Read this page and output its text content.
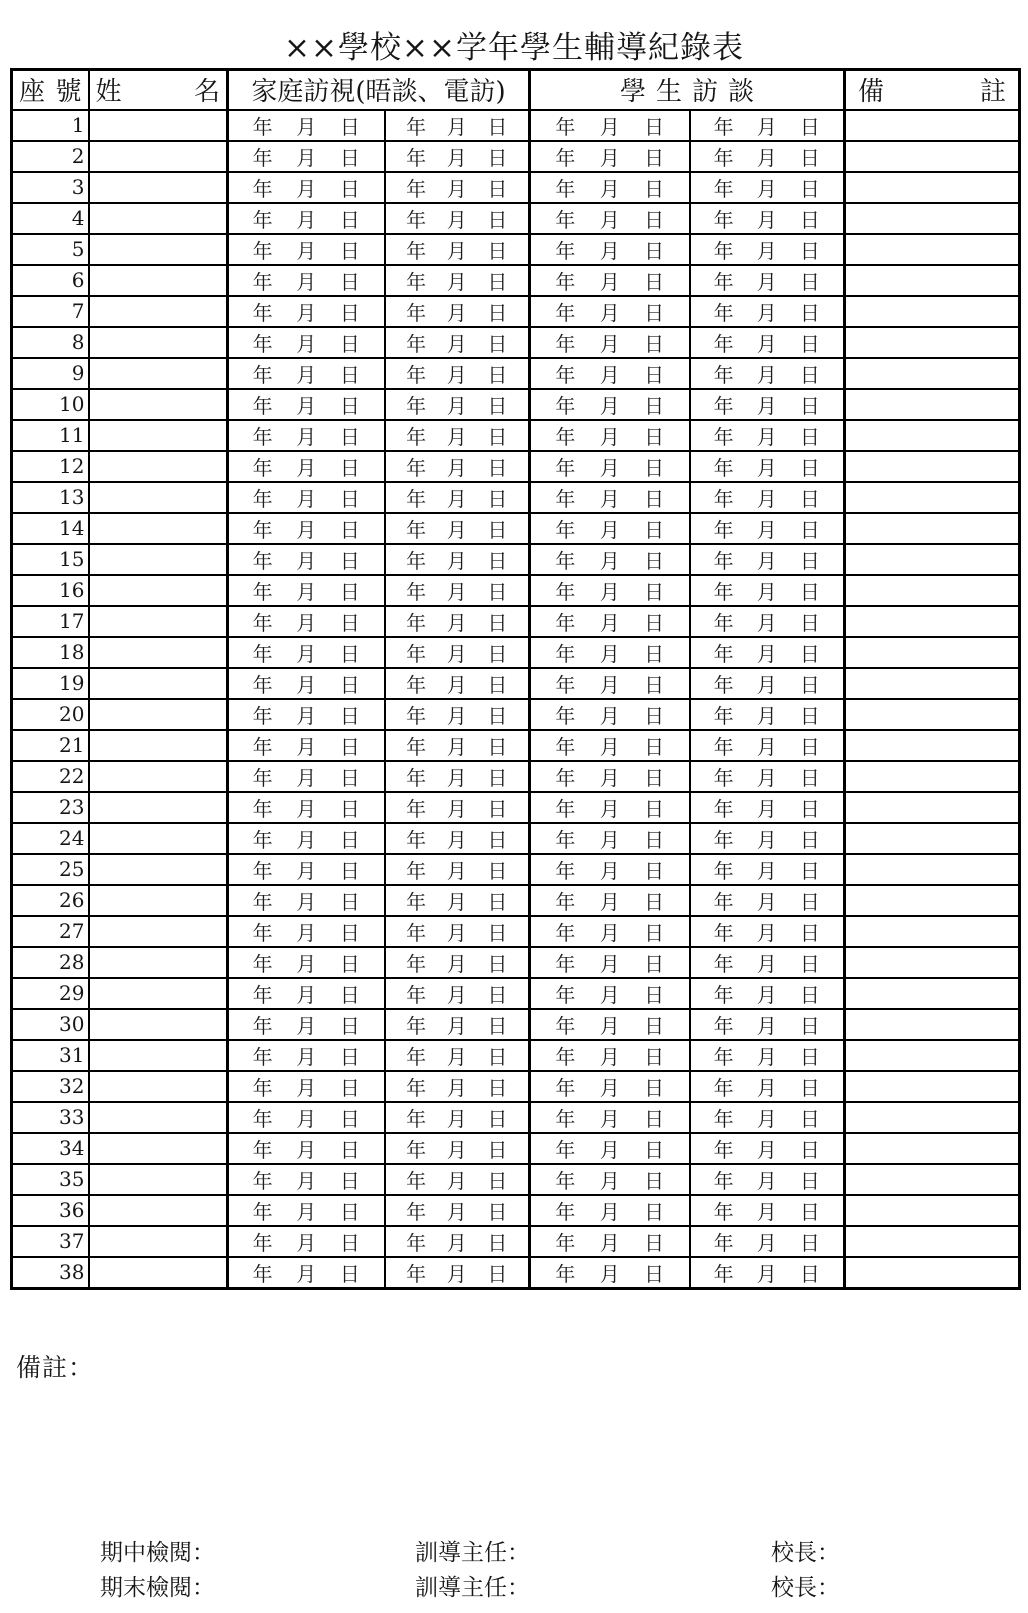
××學校××学年學生輔導紀錄表
座 號	姓 名	家庭訪視(晤談、電訪)		學生訪談		備 註

1		年 月 日	年 月 日	年 月 日	年 月 日	

2		年 月 日	年 月 日	年 月 日	年 月 日	

3		年 月 日	年 月 日	年 月 日	年 月 日	

4		年 月 日	年 月 日	年 月 日	年 月 日	

5		年 月 日	年 月 日	年 月 日	年 月 日	

6		年 月 日	年 月 日	年 月 日	年 月 日	

7		年 月 日	年 月 日	年 月 日	年 月 日	

8		年 月 日	年 月 日	年 月 日	年 月 日	

9		年 月 日	年 月 日	年 月 日	年 月 日	

10		年 月 日	年 月 日	年 月 日	年 月 日	

11		年 月 日	年 月 日	年 月 日	年 月 日	

12		年 月 日	年 月 日	年 月 日	年 月 日	

13		年 月 日	年 月 日	年 月 日	年 月 日	

14		年 月 日	年 月 日	年 月 日	年 月 日	

15		年 月 日	年 月 日	年 月 日	年 月 日	

16		年 月 日	年 月 日	年 月 日	年 月 日	

17		年 月 日	年 月 日	年 月 日	年 月 日	

18		年 月 日	年 月 日	年 月 日	年 月 日	

19		年 月 日	年 月 日	年 月 日	年 月 日	

20		年 月 日	年 月 日	年 月 日	年 月 日	

21		年 月 日	年 月 日	年 月 日	年 月 日	

22		年 月 日	年 月 日	年 月 日	年 月 日	

23		年 月 日	年 月 日	年 月 日	年 月 日	

24		年 月 日	年 月 日	年 月 日	年 月 日	

25		年 月 日	年 月 日	年 月 日	年 月 日	

26		年 月 日	年 月 日	年 月 日	年 月 日	

27		年 月 日	年 月 日	年 月 日	年 月 日	

28		年 月 日	年 月 日	年 月 日	年 月 日	

29		年 月 日	年 月 日	年 月 日	年 月 日	

30		年 月 日	年 月 日	年 月 日	年 月 日	

31		年 月 日	年 月 日	年 月 日	年 月 日	

32		年 月 日	年 月 日	年 月 日	年 月 日	

33		年 月 日	年 月 日	年 月 日	年 月 日	

34		年 月 日	年 月 日	年 月 日	年 月 日	

35		年 月 日	年 月 日	年 月 日	年 月 日	

36		年 月 日	年 月 日	年 月 日	年 月 日	

37		年 月 日	年 月 日	年 月 日	年 月 日	

38		年 月 日	年 月 日	年 月 日	年 月 日	

備註：
期中檢閱：	訓導主任：	校長：
期末檢閱：	訓導主任：	校長：
